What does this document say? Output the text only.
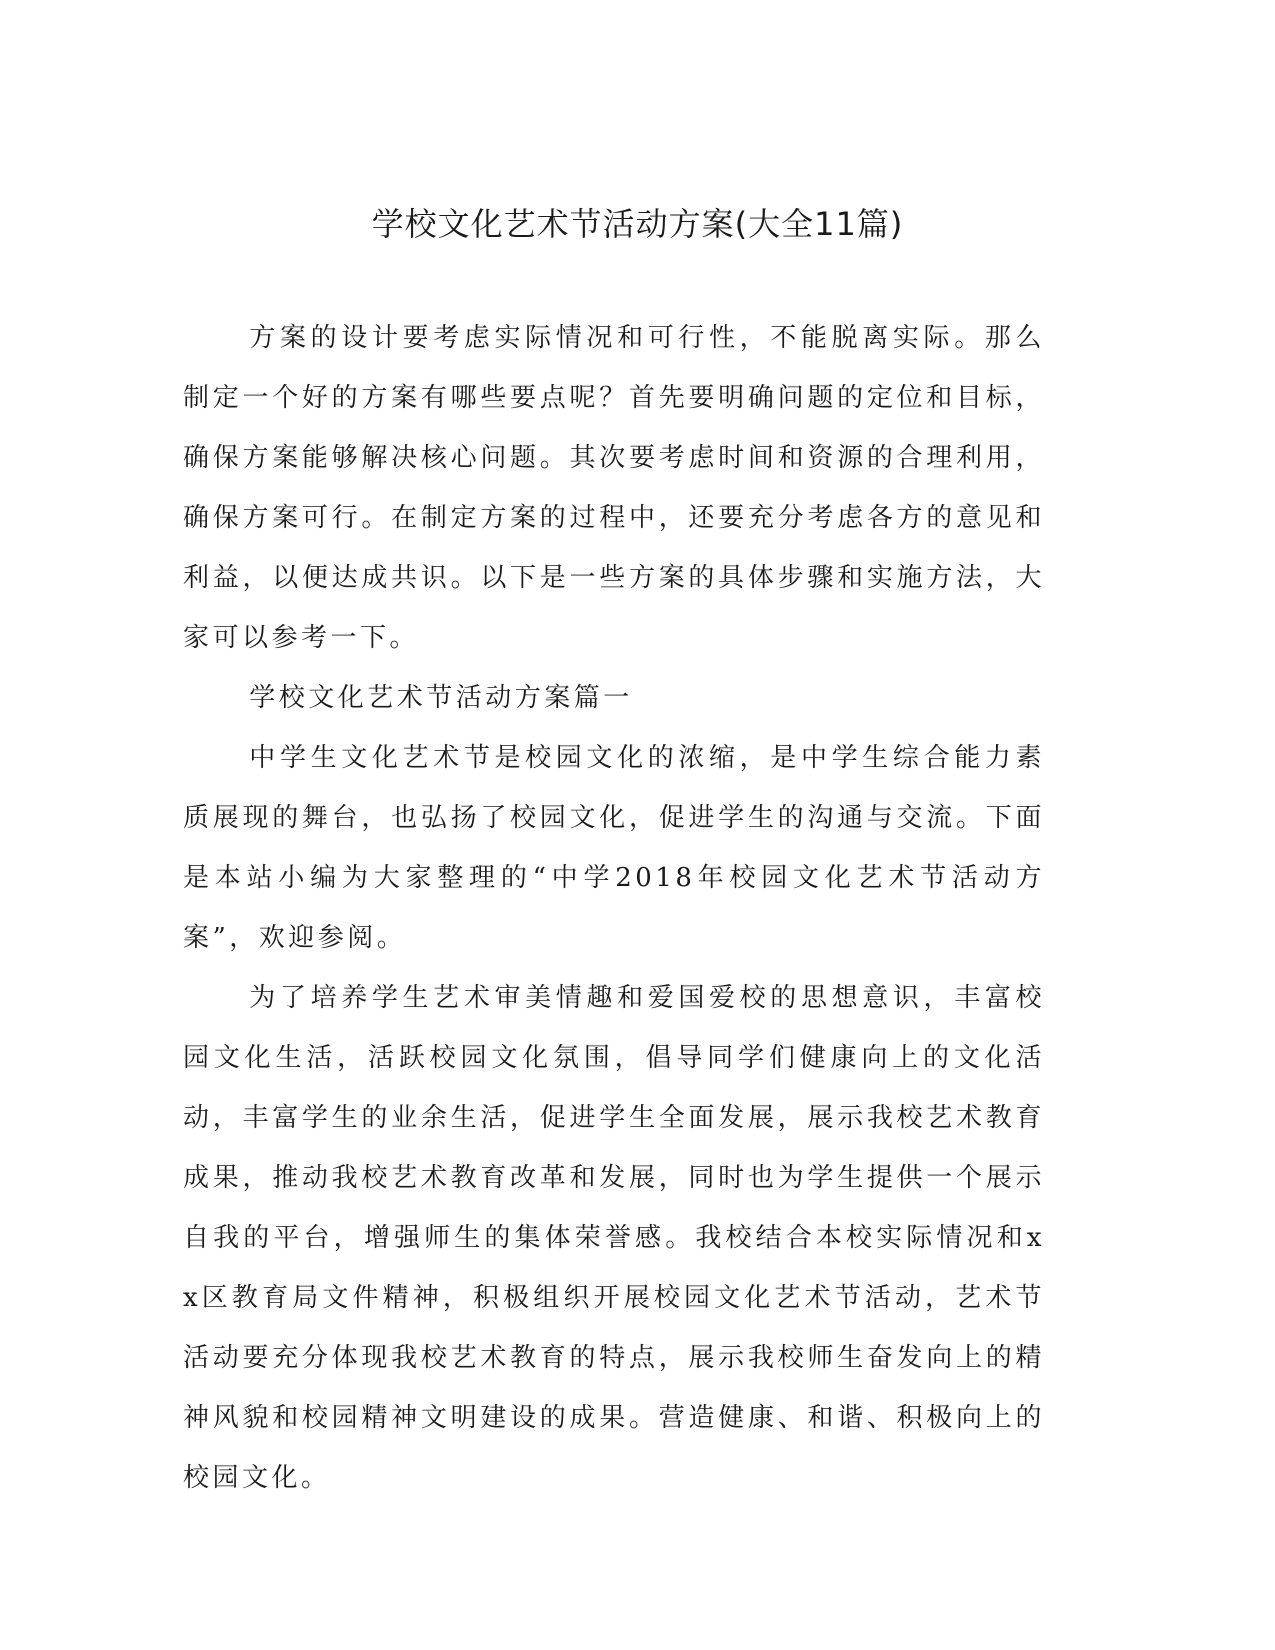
学校文化艺术节活动方案(大全11篇)

方案的设计要考虑实际情况和可行性，不能脱离实际。那么制定一个好的方案有哪些要点呢？首先要明确问题的定位和目标，确保方案能够解决核心问题。其次要考虑时间和资源的合理利用，确保方案可行。在制定方案的过程中，还要充分考虑各方的意见和利益，以便达成共识。以下是一些方案的具体步骤和实施方法，大家可以参考一下。

学校文化艺术节活动方案篇一

中学生文化艺术节是校园文化的浓缩，是中学生综合能力素质展现的舞台，也弘扬了校园文化，促进学生的沟通与交流。下面是本站小编为大家整理的“中学2018年校园文化艺术节活动方案”，欢迎参阅。

为了培养学生艺术审美情趣和爱国爱校的思想意识，丰富校园文化生活，活跃校园文化氛围，倡导同学们健康向上的文化活动，丰富学生的业余生活，促进学生全面发展，展示我校艺术教育成果，推动我校艺术教育改革和发展，同时也为学生提供一个展示自我的平台，增强师生的集体荣誉感。我校结合本校实际情况和xx区教育局文件精神，积极组织开展校园文化艺术节活动，艺术节活动要充分体现我校艺术教育的特点，展示我校师生奋发向上的精神风貌和校园精神文明建设的成果。营造健康、和谐、积极向上的校园文化。
